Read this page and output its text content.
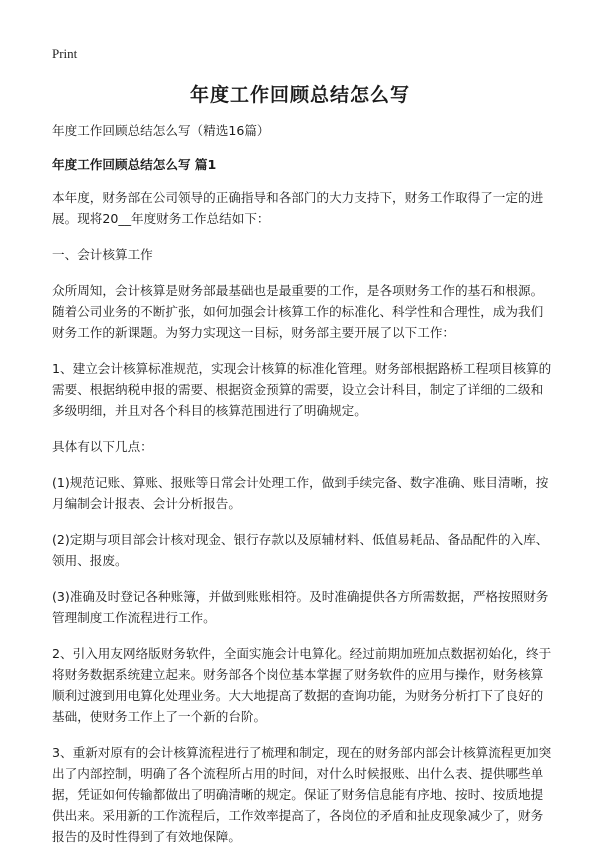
Print
年度工作回顾总结怎么写

年度工作回顾总结怎么写（精选16篇）

年度工作回顾总结怎么写 篇1

本年度，财务部在公司领导的正确指导和各部门的大力支持下，财务工作取得了一定的进展。现将20__年度财务工作总结如下：

一、会计核算工作

众所周知，会计核算是财务部最基础也是最重要的工作，是各项财务工作的基石和根源。随着公司业务的不断扩张，如何加强会计核算工作的标准化、科学性和合理性，成为我们财务工作的新课题。为努力实现这一目标，财务部主要开展了以下工作：

1、建立会计核算标准规范，实现会计核算的标准化管理。财务部根据路桥工程项目核算的需要、根据纳税申报的需要、根据资金预算的需要，设立会计科目，制定了详细的二级和多级明细，并且对各个科目的核算范围进行了明确规定。

具体有以下几点：

(1)规范记账、算账、报账等日常会计处理工作，做到手续完备、数字准确、账目清晰，按月编制会计报表、会计分析报告。

(2)定期与项目部会计核对现金、银行存款以及原辅材料、低值易耗品、备品配件的入库、领用、报废。

(3)准确及时登记各种账簿，并做到账账相符。及时准确提供各方所需数据，严格按照财务管理制度工作流程进行工作。

2、引入用友网络版财务软件，全面实施会计电算化。经过前期加班加点数据初始化，终于将财务数据系统建立起来。财务部各个岗位基本掌握了财务软件的应用与操作，财务核算顺利过渡到用电算化处理业务。大大地提高了数据的查询功能，为财务分析打下了良好的基础，使财务工作上了一个新的台阶。

3、重新对原有的会计核算流程进行了梳理和制定，现在的财务部内部会计核算流程更加突出了内部控制，明确了各个流程所占用的时间，对什么时候报账、出什么表、提供哪些单据，凭证如何传输都做出了明确清晰的规定。保证了财务信息能有序地、按时、按质地提供出来。采用新的工作流程后，工作效率提高了，各岗位的矛盾和扯皮现象减少了，财务报告的及时性得到了有效地保障。
